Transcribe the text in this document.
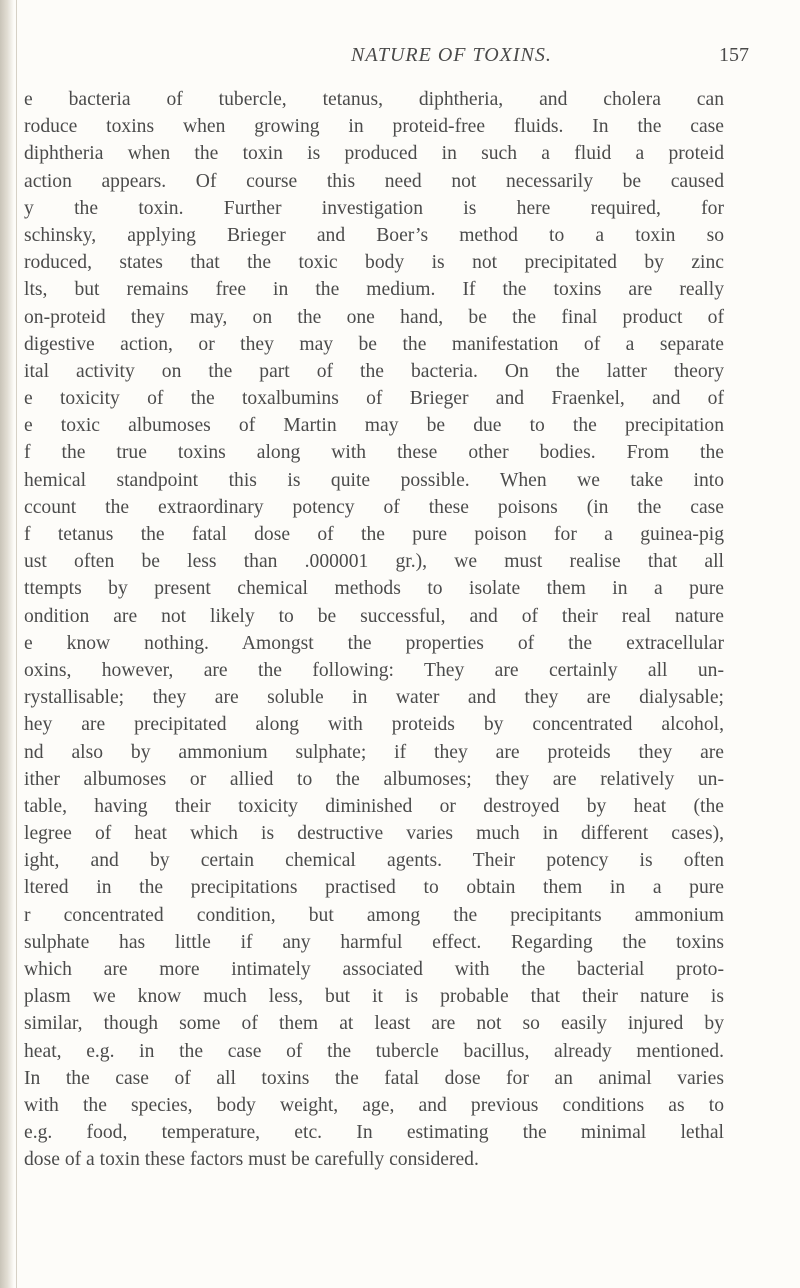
NATURE OF TOXINS.	157
e bacteria of tubercle, tetanus, diphtheria, and cholera can
roduce toxins when growing in proteid-free fluids. In the case
diphtheria when the toxin is produced in such a fluid a proteid
action appears. Of course this need not necessarily be caused
y the toxin. Further investigation is here required, for
schinsky, applying Brieger and Boer’s method to a toxin so
roduced, states that the toxic body is not precipitated by zinc
lts, but remains free in the medium. If the toxins are really
on-proteid they may, on the one hand, be the final product of
digestive action, or they may be the manifestation of a separate
ital activity on the part of the bacteria. On the latter theory
e toxicity of the toxalbumins of Brieger and Fraenkel, and of
e toxic albumoses of Martin may be due to the precipitation
f the true toxins along with these other bodies. From the
hemical standpoint this is quite possible. When we take into
ccount the extraordinary potency of these poisons (in the case
f tetanus the fatal dose of the pure poison for a guinea-pig
ust often be less than .000001 gr.), we must realise that all
ttempts by present chemical methods to isolate them in a pure
ondition are not likely to be successful, and of their real nature
e know nothing. Amongst the properties of the extracellular
oxins, however, are the following: They are certainly all un-
rystallisable; they are soluble in water and they are dialysable;
hey are precipitated along with proteids by concentrated alcohol,
nd also by ammonium sulphate; if they are proteids they are
ither albumoses or allied to the albumoses; they are relatively un-
table, having their toxicity diminished or destroyed by heat (the
legree of heat which is destructive varies much in different cases),
ight, and by certain chemical agents. Their potency is often
ltered in the precipitations practised to obtain them in a pure
r concentrated condition, but among the precipitants ammonium
sulphate has little if any harmful effect. Regarding the toxins
which are more intimately associated with the bacterial proto-
plasm we know much less, but it is probable that their nature is
similar, though some of them at least are not so easily injured by
heat, e.g. in the case of the tubercle bacillus, already mentioned.
In the case of all toxins the fatal dose for an animal varies
with the species, body weight, age, and previous conditions as to
e.g. food, temperature, etc. In estimating the minimal lethal
dose of a toxin these factors must be carefully considered.
